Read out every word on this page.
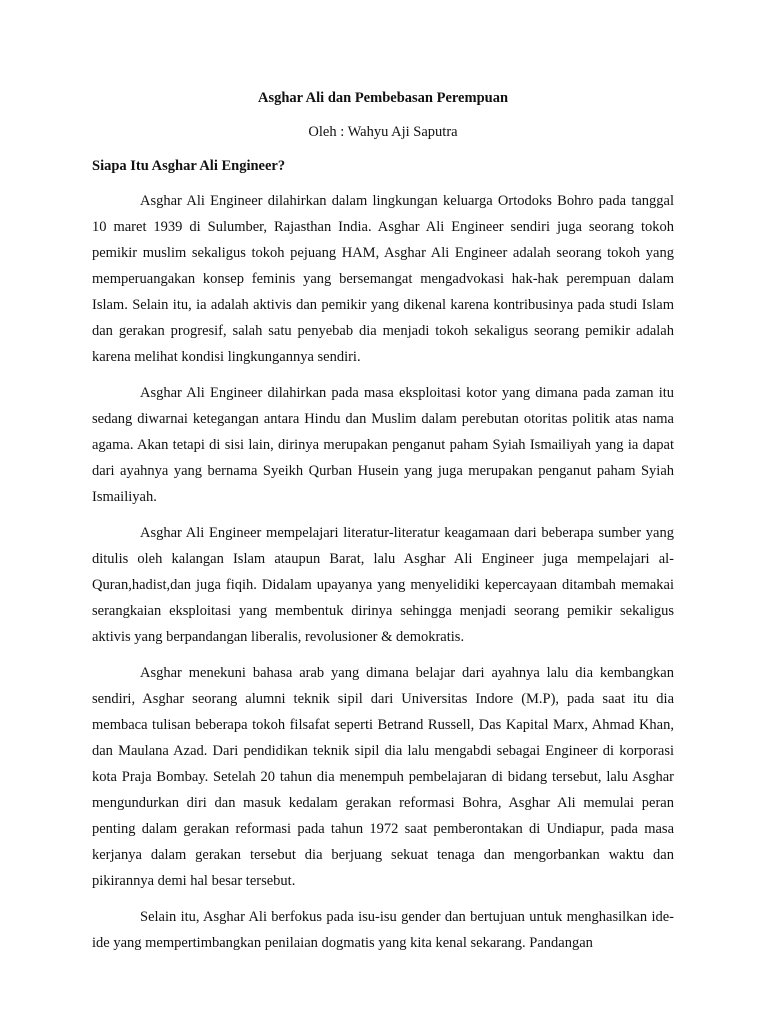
Asghar Ali dan Pembebasan Perempuan
Oleh : Wahyu Aji Saputra
Siapa Itu Asghar Ali Engineer?

Asghar Ali Engineer dilahirkan dalam lingkungan keluarga Ortodoks Bohro pada tanggal 10 maret 1939 di Sulumber, Rajasthan India. Asghar Ali Engineer sendiri juga seorang tokoh pemikir muslim sekaligus tokoh pejuang HAM, Asghar Ali Engineer adalah seorang tokoh yang memperuangakan konsep feminis yang bersemangat mengadvokasi hak-hak perempuan dalam Islam. Selain itu, ia adalah aktivis dan pemikir yang dikenal karena kontribusinya pada studi Islam dan gerakan progresif, salah satu penyebab dia menjadi tokoh sekaligus seorang pemikir adalah karena melihat kondisi lingkungannya sendiri.

Asghar Ali Engineer dilahirkan pada masa eksploitasi kotor yang dimana pada zaman itu sedang diwarnai ketegangan antara Hindu dan Muslim dalam perebutan otoritas politik atas nama agama. Akan tetapi di sisi lain, dirinya merupakan penganut paham Syiah Ismailiyah yang ia dapat dari ayahnya yang bernama Syeikh Qurban Husein yang juga merupakan penganut paham Syiah Ismailiyah.

Asghar Ali Engineer mempelajari literatur-literatur keagamaan dari beberapa sumber yang ditulis oleh kalangan Islam ataupun Barat, lalu Asghar Ali Engineer juga mempelajari al-Quran,hadist,dan juga fiqih. Didalam upayanya yang menyelidiki kepercayaan ditambah memakai serangkaian eksploitasi yang membentuk dirinya sehingga menjadi seorang pemikir sekaligus aktivis yang berpandangan liberalis, revolusioner & demokratis.

Asghar menekuni bahasa arab yang dimana belajar dari ayahnya lalu dia kembangkan sendiri, Asghar seorang alumni teknik sipil dari Universitas Indore (M.P), pada saat itu dia membaca tulisan beberapa tokoh filsafat seperti Betrand Russell, Das Kapital Marx, Ahmad Khan, dan Maulana Azad. Dari pendidikan teknik sipil dia lalu mengabdi sebagai Engineer di korporasi kota Praja Bombay. Setelah 20 tahun dia menempuh pembelajaran di bidang tersebut, lalu Asghar mengundurkan diri dan masuk kedalam gerakan reformasi Bohra, Asghar Ali memulai peran penting dalam gerakan reformasi pada tahun 1972 saat pemberontakan di Undiapur, pada masa kerjanya dalam gerakan tersebut dia berjuang sekuat tenaga dan mengorbankan waktu dan pikirannya demi hal besar tersebut.

Selain itu, Asghar Ali berfokus pada isu-isu gender dan bertujuan untuk menghasilkan ide-ide yang mempertimbangkan penilaian dogmatis yang kita kenal sekarang. Pandangan
